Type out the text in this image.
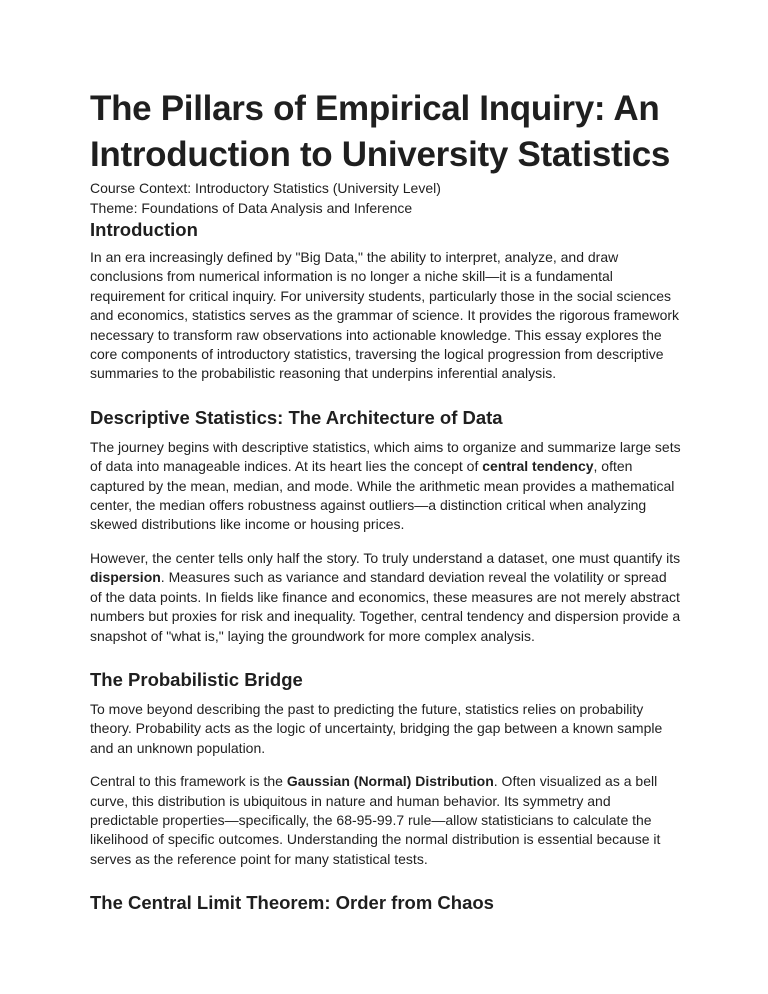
The Pillars of Empirical Inquiry: An Introduction to University Statistics
Course Context: Introductory Statistics (University Level)
Theme: Foundations of Data Analysis and Inference
Introduction

In an era increasingly defined by "Big Data," the ability to interpret, analyze, and draw conclusions from numerical information is no longer a niche skill—it is a fundamental requirement for critical inquiry. For university students, particularly those in the social sciences and economics, statistics serves as the grammar of science. It provides the rigorous framework necessary to transform raw observations into actionable knowledge. This essay explores the core components of introductory statistics, traversing the logical progression from descriptive summaries to the probabilistic reasoning that underpins inferential analysis.

Descriptive Statistics: The Architecture of Data

The journey begins with descriptive statistics, which aims to organize and summarize large sets of data into manageable indices. At its heart lies the concept of central tendency, often captured by the mean, median, and mode. While the arithmetic mean provides a mathematical center, the median offers robustness against outliers—a distinction critical when analyzing skewed distributions like income or housing prices.

However, the center tells only half the story. To truly understand a dataset, one must quantify its dispersion. Measures such as variance and standard deviation reveal the volatility or spread of the data points. In fields like finance and economics, these measures are not merely abstract numbers but proxies for risk and inequality. Together, central tendency and dispersion provide a snapshot of "what is," laying the groundwork for more complex analysis.

The Probabilistic Bridge

To move beyond describing the past to predicting the future, statistics relies on probability theory. Probability acts as the logic of uncertainty, bridging the gap between a known sample and an unknown population.

Central to this framework is the Gaussian (Normal) Distribution. Often visualized as a bell curve, this distribution is ubiquitous in nature and human behavior. Its symmetry and predictable properties—specifically, the 68-95-99.7 rule—allow statisticians to calculate the likelihood of specific outcomes. Understanding the normal distribution is essential because it serves as the reference point for many statistical tests.

The Central Limit Theorem: Order from Chaos
